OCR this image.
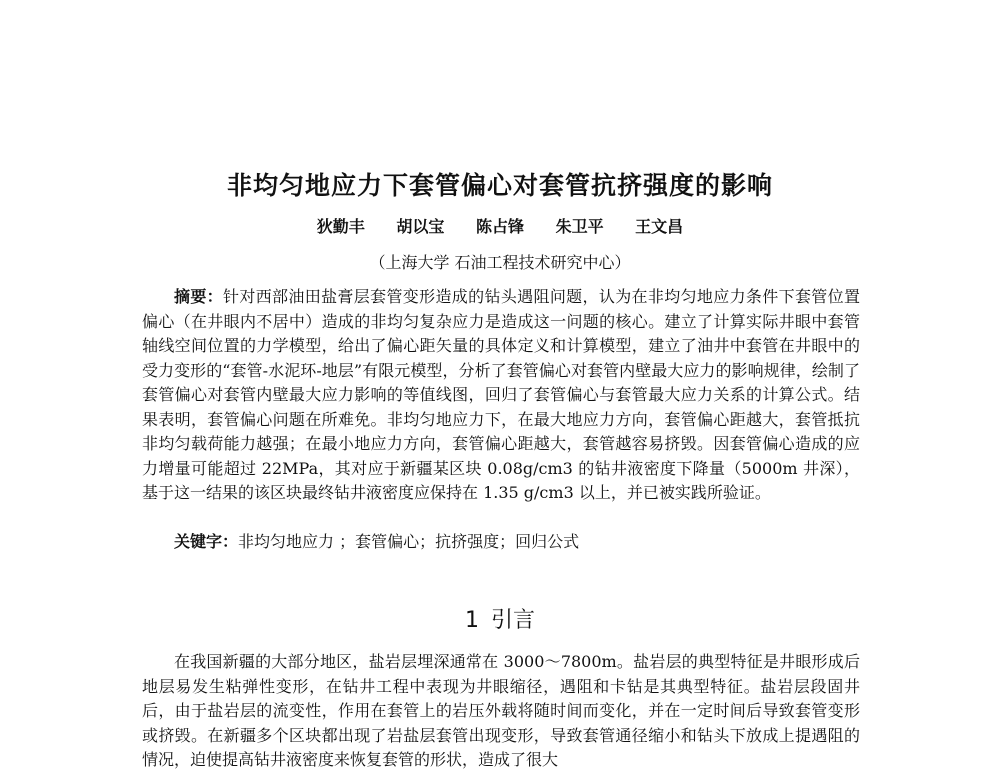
非均匀地应力下套管偏心对套管抗挤强度的影响
狄勤丰 胡以宝 陈占锋 朱卫平 王文昌
（上海大学 石油工程技术研究中心）
摘要：针对西部油田盐膏层套管变形造成的钻头遇阻问题，认为在非均匀地应力条件下套管位置偏心（在井眼内不居中）造成的非均匀复杂应力是造成这一问题的核心。建立了计算实际井眼中套管轴线空间位置的力学模型，给出了偏心距矢量的具体定义和计算模型，建立了油井中套管在井眼中的受力变形的“套管-水泥环-地层”有限元模型，分析了套管偏心对套管内壁最大应力的影响规律，绘制了套管偏心对套管内壁最大应力影响的等值线图，回归了套管偏心与套管最大应力关系的计算公式。结果表明，套管偏心问题在所难免。非均匀地应力下，在最大地应力方向，套管偏心距越大，套管抵抗非均匀载荷能力越强；在最小地应力方向，套管偏心距越大，套管越容易挤毁。因套管偏心造成的应力增量可能超过 22MPa，其对应于新疆某区块 0.08g/cm3 的钻井液密度下降量（5000m 井深），基于这一结果的该区块最终钻井液密度应保持在 1.35 g/cm3 以上，并已被实践所验证。
关键字：非均匀地应力 ；套管偏心；抗挤强度；回归公式
1 引言
在我国新疆的大部分地区，盐岩层埋深通常在 3000～7800m。盐岩层的典型特征是井眼形成后地层易发生粘弹性变形，在钻井工程中表现为井眼缩径，遇阻和卡钻是其典型特征。盐岩层段固井后，由于盐岩层的流变性，作用在套管上的岩压外载将随时间而变化，并在一定时间后导致套管变形或挤毁。在新疆多个区块都出现了岩盐层套管出现变形，导致套管通径缩小和钻头下放成上提遇阻的情况，迫使提高钻井液密度来恢复套管的形状，造成了很大
